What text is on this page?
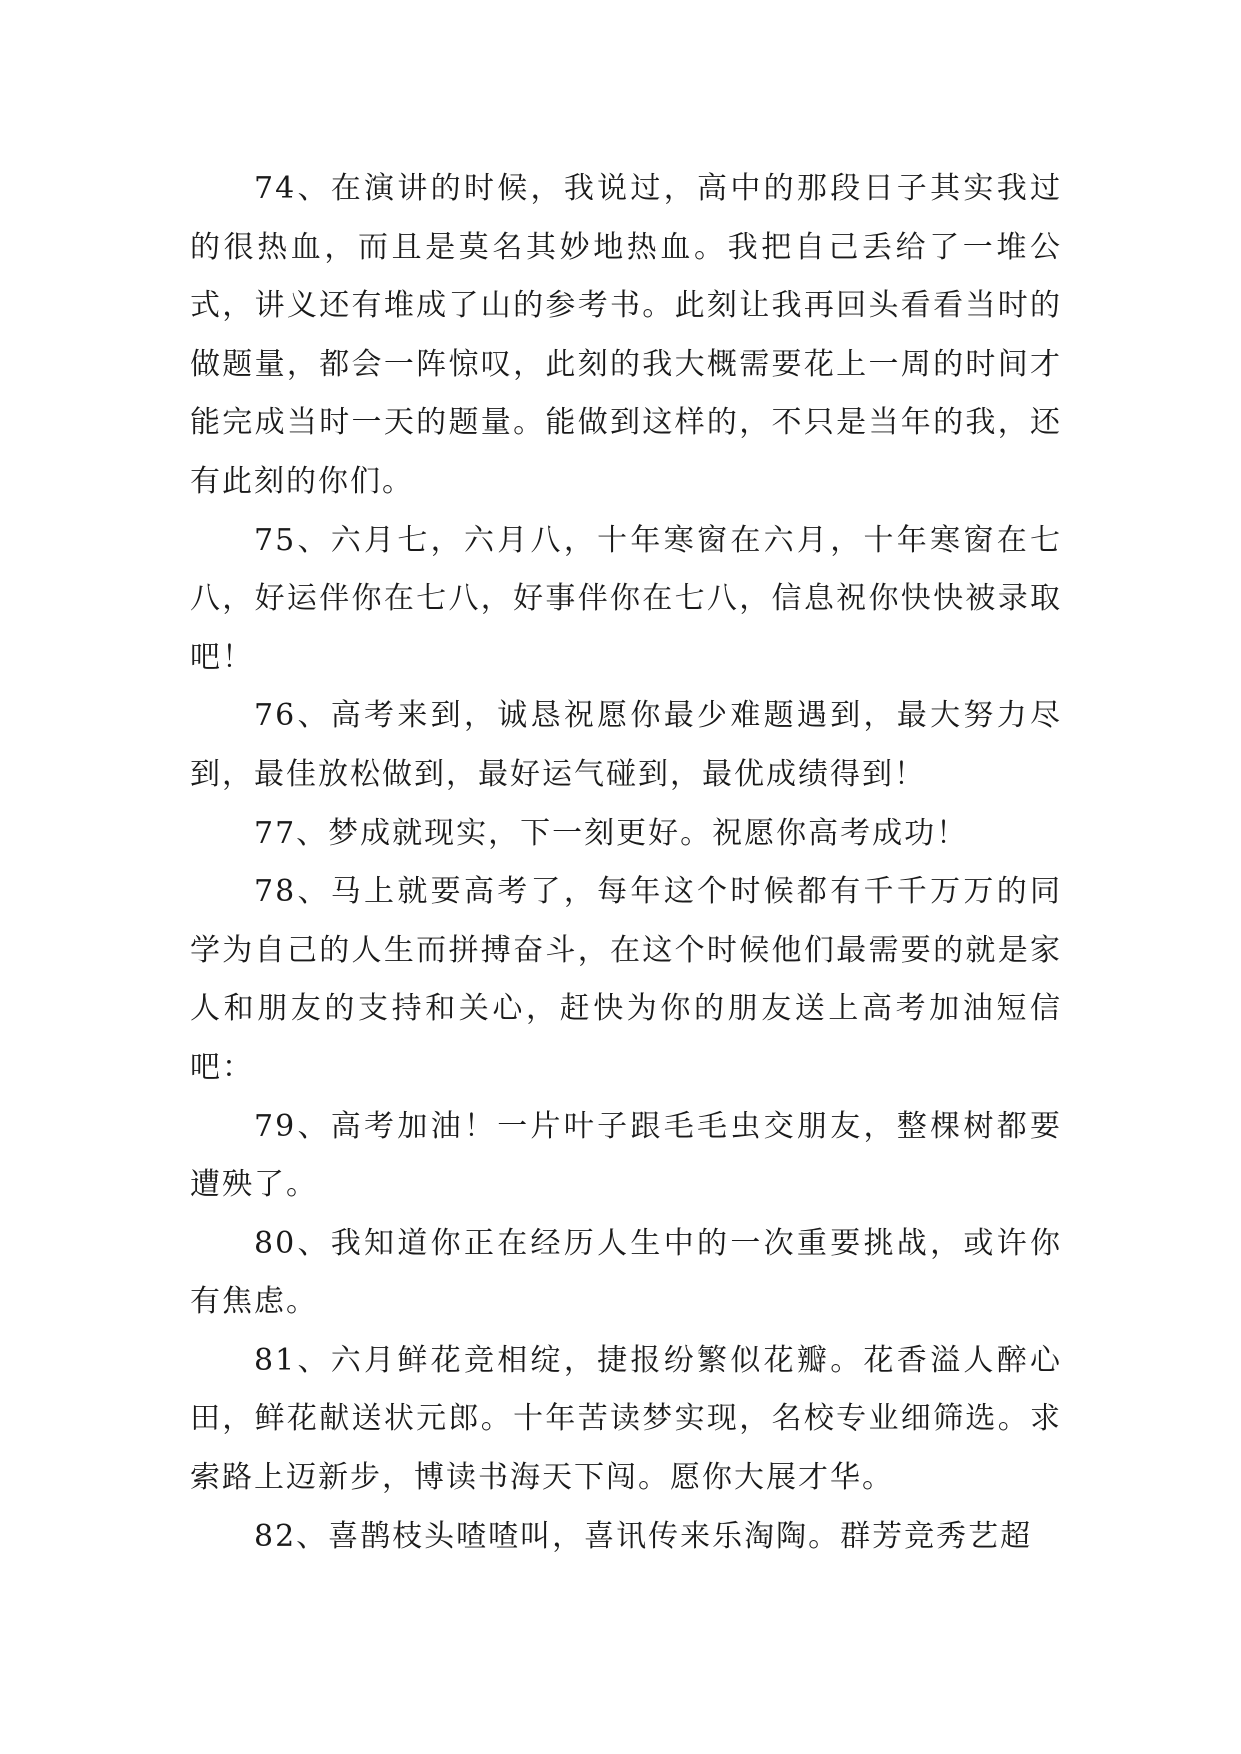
74、在演讲的时候，我说过，高中的那段日子其实我过的很热血，而且是莫名其妙地热血。我把自己丢给了一堆公式，讲义还有堆成了山的参考书。此刻让我再回头看看当时的做题量，都会一阵惊叹，此刻的我大概需要花上一周的时间才能完成当时一天的题量。能做到这样的，不只是当年的我，还有此刻的你们。

75、六月七，六月八，十年寒窗在六月，十年寒窗在七八，好运伴你在七八，好事伴你在七八，信息祝你快快被录取吧！

76、高考来到，诚恳祝愿你最少难题遇到，最大努力尽到，最佳放松做到，最好运气碰到，最优成绩得到！

77、梦成就现实，下一刻更好。祝愿你高考成功！

78、马上就要高考了，每年这个时候都有千千万万的同学为自己的人生而拼搏奋斗，在这个时候他们最需要的就是家人和朋友的支持和关心，赶快为你的朋友送上高考加油短信吧：

79、高考加油！一片叶子跟毛毛虫交朋友，整棵树都要遭殃了。

80、我知道你正在经历人生中的一次重要挑战，或许你有焦虑。

81、六月鲜花竞相绽，捷报纷繁似花瓣。花香溢人醉心田，鲜花献送状元郎。十年苦读梦实现，名校专业细筛选。求索路上迈新步，博读书海天下闯。愿你大展才华。

82、喜鹊枝头喳喳叫，喜讯传来乐淘陶。群芳竞秀艺超
